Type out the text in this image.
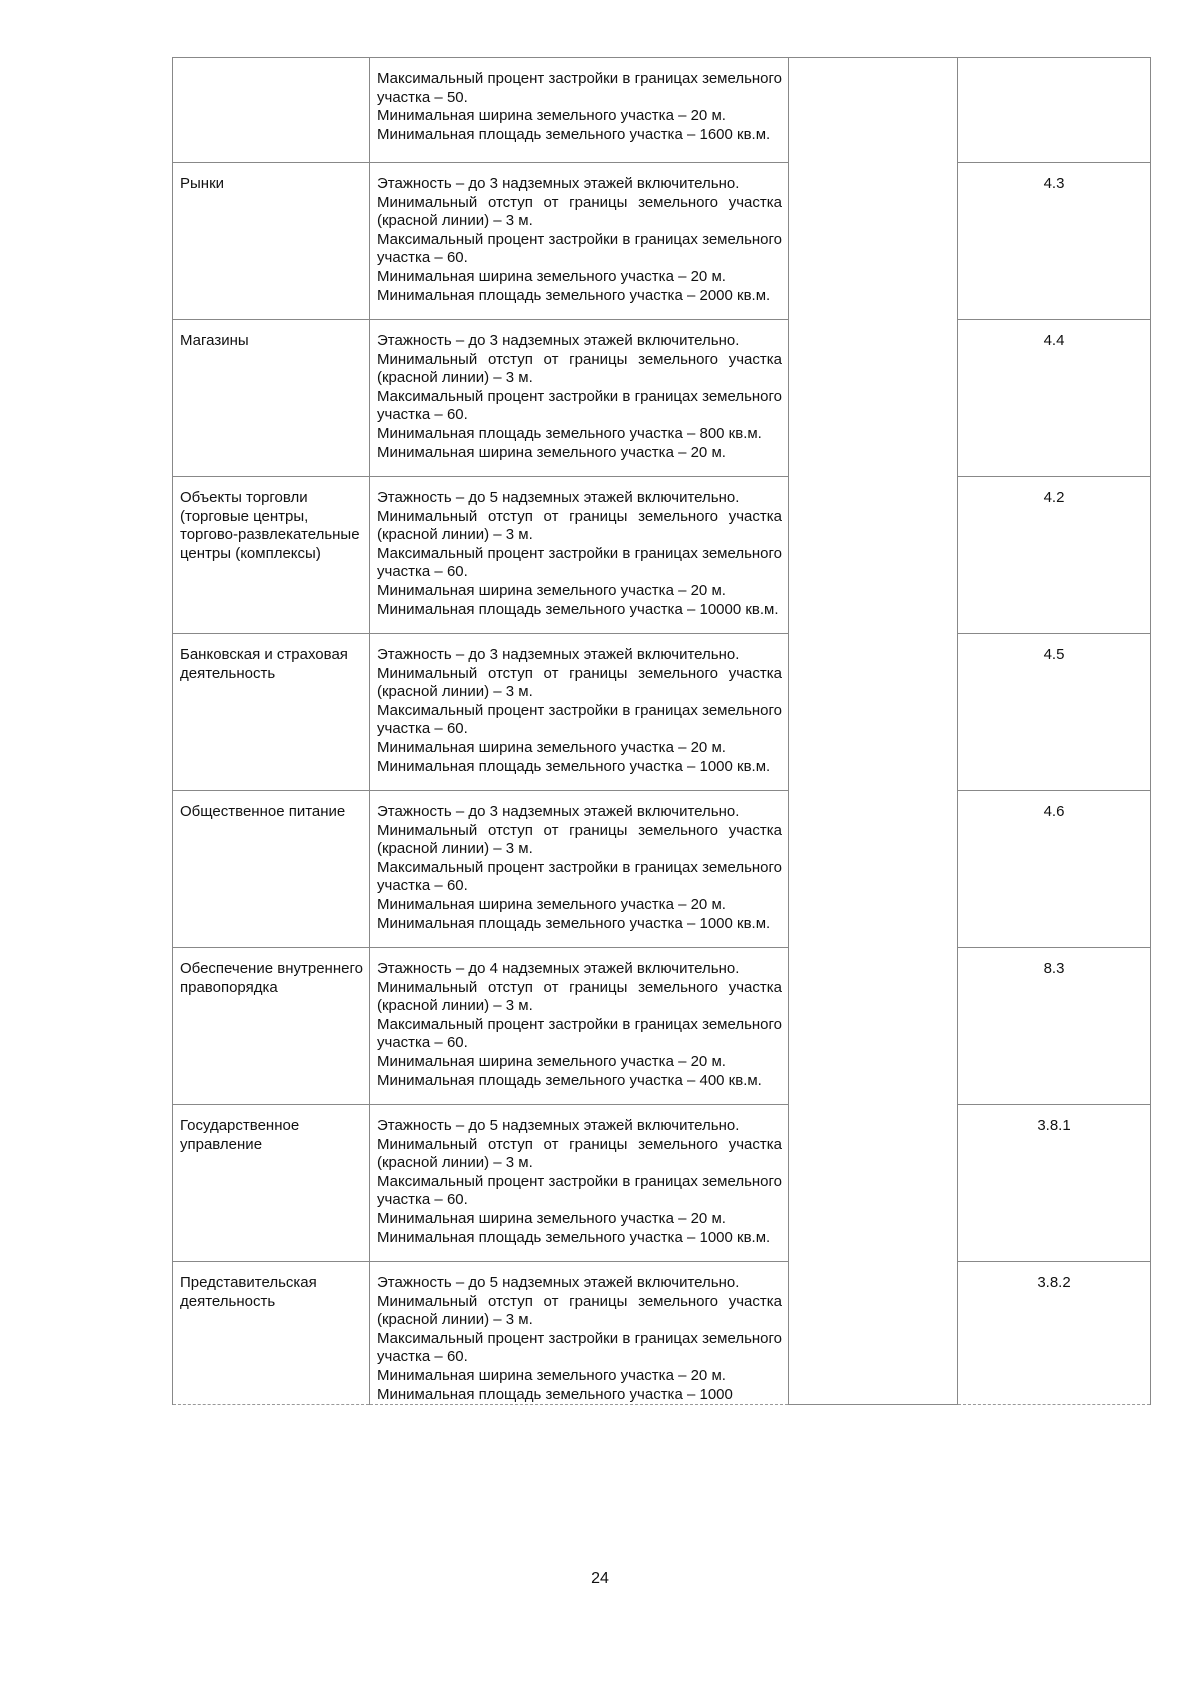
	Максимальный процент застройки в границах земельного участка – 50.

Минимальная ширина земельного участка – 20 м.

Минимальная площадь земельного участка – 1600 кв.м.		

Рынки	Этажность – до 3 надземных этажей включительно.

Минимальный отступ от границы земельного участка (красной линии) – 3 м.

Максимальный процент застройки в границах земельного участка – 60.

Минимальная ширина земельного участка – 20 м.

Минимальная площадь земельного участка – 2000 кв.м.		4.3

Магазины	Этажность – до 3 надземных этажей включительно.

Минимальный отступ от границы земельного участка (красной линии) – 3 м.

Максимальный процент застройки в границах земельного участка – 60.

Минимальная площадь земельного участка – 800 кв.м.

Минимальная ширина земельного участка – 20 м.		4.4

Объекты торговли (торговые центры, торгово-развлекательные центры (комплексы)	Этажность – до 5 надземных этажей включительно.

Минимальный отступ от границы земельного участка (красной линии) – 3 м.

Максимальный процент застройки в границах земельного участка – 60.

Минимальная ширина земельного участка – 20 м.

Минимальная площадь земельного участка – 10000 кв.м.		4.2

Банковская и страховая деятельность	Этажность – до 3 надземных этажей включительно.

Минимальный отступ от границы земельного участка (красной линии) – 3 м.

Максимальный процент застройки в границах земельного участка – 60.

Минимальная ширина земельного участка – 20 м.

Минимальная площадь земельного участка – 1000 кв.м.		4.5

Общественное питание	Этажность – до 3 надземных этажей включительно.

Минимальный отступ от границы земельного участка (красной линии) – 3 м.

Максимальный процент застройки в границах земельного участка – 60.

Минимальная ширина земельного участка – 20 м.

Минимальная площадь земельного участка – 1000 кв.м.		4.6

Обеспечение внутреннего правопорядка	Этажность – до 4 надземных этажей включительно.

Минимальный отступ от границы земельного участка (красной линии) – 3 м.

Максимальный процент застройки в границах земельного участка – 60.

Минимальная ширина земельного участка – 20 м.

Минимальная площадь земельного участка – 400 кв.м.		8.3

Государственное управление	Этажность – до 5 надземных этажей включительно.

Минимальный отступ от границы земельного участка (красной линии) – 3 м.

Максимальный процент застройки в границах земельного участка – 60.

Минимальная ширина земельного участка – 20 м.

Минимальная площадь земельного участка – 1000 кв.м.		3.8.1

Представительская деятельность	Этажность – до 5 надземных этажей включительно.

Минимальный отступ от границы земельного участка (красной линии) – 3 м.

Максимальный процент застройки в границах земельного участка – 60.

Минимальная ширина земельного участка – 20 м.

Минимальная площадь земельного участка – 1000		3.8.2
24
